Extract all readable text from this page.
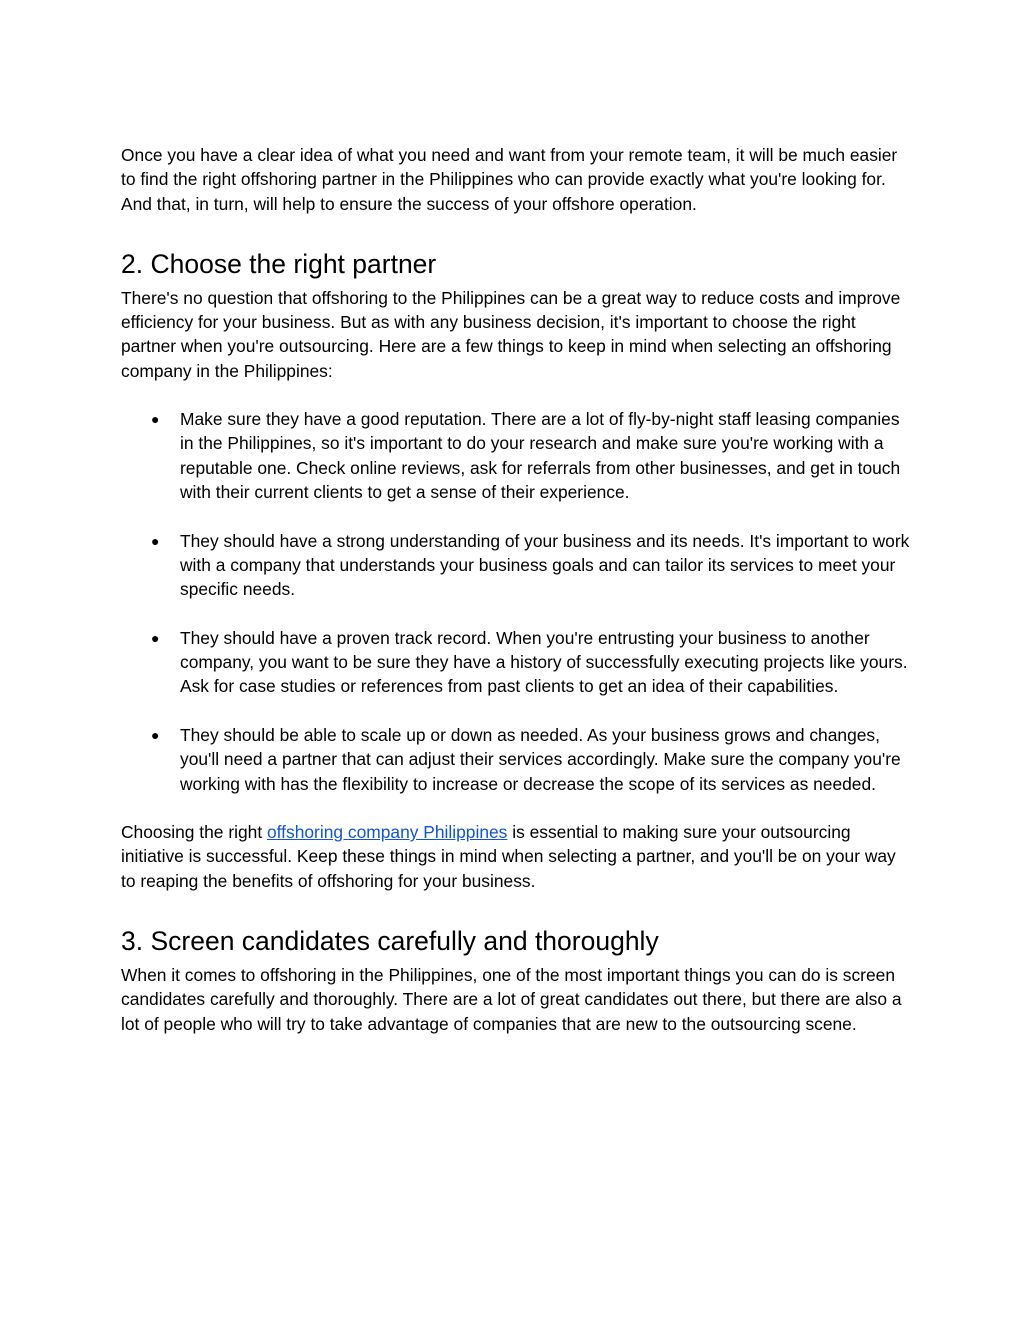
Once you have a clear idea of what you need and want from your remote team, it will be much easier to find the right offshoring partner in the Philippines who can provide exactly what you're looking for. And that, in turn, will help to ensure the success of your offshore operation.

2. Choose the right partner

There's no question that offshoring to the Philippines can be a great way to reduce costs and improve efficiency for your business. But as with any business decision, it's important to choose the right partner when you're outsourcing. Here are a few things to keep in mind when selecting an offshoring company in the Philippines:

● Make sure they have a good reputation. There are a lot of fly-by-night staff leasing companies in the Philippines, so it's important to do your research and make sure you're working with a reputable one. Check online reviews, ask for referrals from other businesses, and get in touch with their current clients to get a sense of their experience.
● They should have a strong understanding of your business and its needs. It's important to work with a company that understands your business goals and can tailor its services to meet your specific needs.
● They should have a proven track record. When you're entrusting your business to another company, you want to be sure they have a history of successfully executing projects like yours. Ask for case studies or references from past clients to get an idea of their capabilities.
● They should be able to scale up or down as needed. As your business grows and changes, you'll need a partner that can adjust their services accordingly. Make sure the company you're working with has the flexibility to increase or decrease the scope of its services as needed.

Choosing the right offshoring company Philippines is essential to making sure your outsourcing initiative is successful. Keep these things in mind when selecting a partner, and you'll be on your way to reaping the benefits of offshoring for your business.

3. Screen candidates carefully and thoroughly

When it comes to offshoring in the Philippines, one of the most important things you can do is screen candidates carefully and thoroughly. There are a lot of great candidates out there, but there are also a lot of people who will try to take advantage of companies that are new to the outsourcing scene.
